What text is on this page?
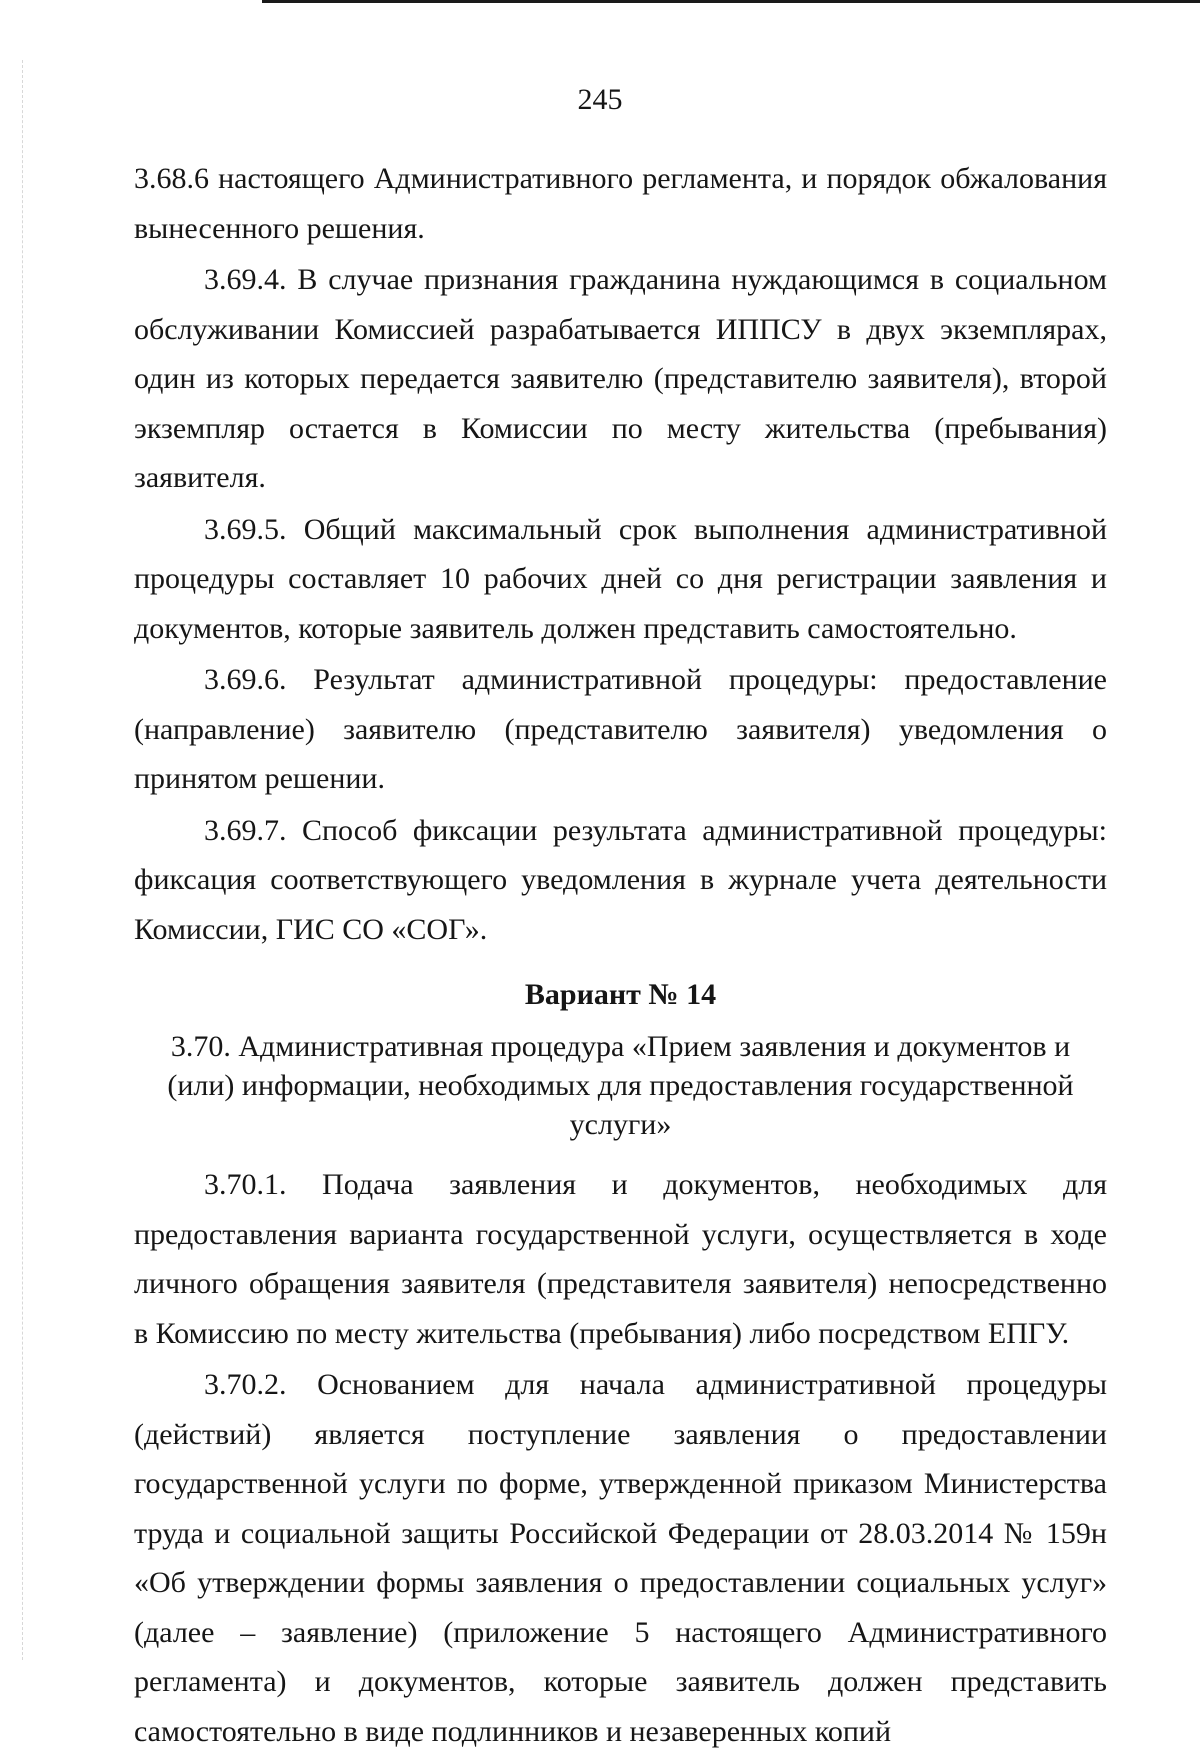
245

3.68.6 настоящего Административного регламента, и порядок обжалования вынесенного решения.

3.69.4. В случае признания гражданина нуждающимся в социальном обслуживании Комиссией разрабатывается ИППСУ в двух экземплярах, один из которых передается заявителю (представителю заявителя), второй экземпляр остается в Комиссии по месту жительства (пребывания) заявителя.

3.69.5. Общий максимальный срок выполнения административной процедуры составляет 10 рабочих дней со дня регистрации заявления и документов, которые заявитель должен представить самостоятельно.

3.69.6. Результат административной процедуры: предоставление (направление) заявителю (представителю заявителя) уведомления о принятом решении.

3.69.7. Способ фиксации результата административной процедуры: фиксация соответствующего уведомления в журнале учета деятельности Комиссии, ГИС СО «СОГ».

Вариант № 14
3.70. Административная процедура «Прием заявления и документов и (или) информации, необходимых для предоставления государственной услуги»

3.70.1. Подача заявления и документов, необходимых для предоставления варианта государственной услуги, осуществляется в ходе личного обращения заявителя (представителя заявителя) непосредственно в Комиссию по месту жительства (пребывания) либо посредством ЕПГУ.

3.70.2. Основанием для начала административной процедуры (действий) является поступление заявления о предоставлении государственной услуги по форме, утвержденной приказом Министерства труда и социальной защиты Российской Федерации от 28.03.2014 № 159н «Об утверждении формы заявления о предоставлении социальных услуг» (далее – заявление) (приложение 5 настоящего Административного регламента) и документов, которые заявитель должен представить самостоятельно в виде подлинников и незаверенных копий
